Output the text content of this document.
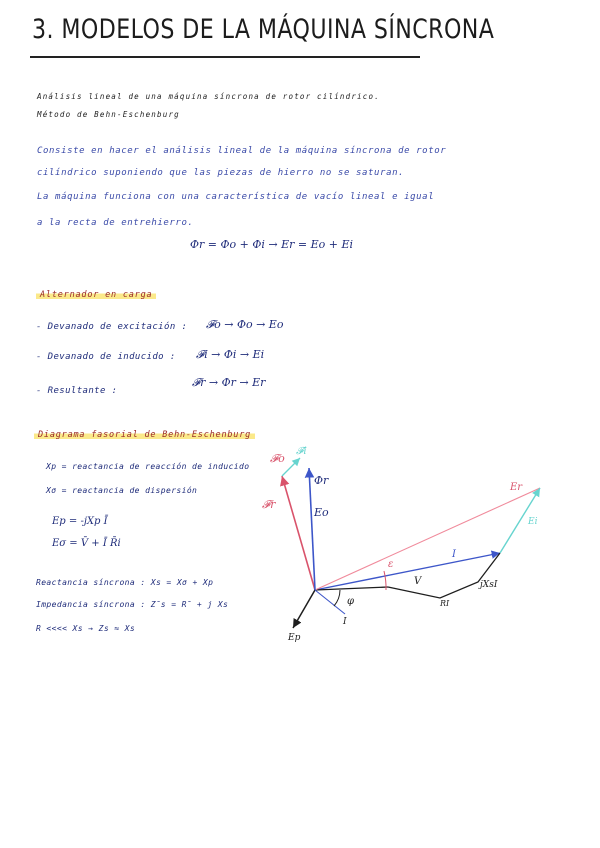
3. MODELOS DE LA MÁQUINA SÍNCRONA
Análisis lineal de una máquina síncrona de rotor cilíndrico.
Método de Behn-Eschenburg
Consiste en hacer el análisis lineal de la máquina síncrona de rotor
cilíndrico suponiendo que las piezas de hierro no se saturan.
La máquina funciona con una característica de vacío lineal e igual
a la recta de entrehierro.
Φr = Φo + Φi → Er = Eo + Ei
Alternador en carga
- Devanado de excitación : 𝓕o → Φo → Eo
- Devanado de inducido : 𝓕i → Φi → Ei
- Resultante :
𝓕r → Φr → Er
Diagrama fasorial de Behn-Eschenburg
Xp = reactancia de reacción de inducido
Xσ = reactancia de dispersión
Ep = -jXp Ī
Eσ = V̄ + Ī R̄i
Reactancia síncrona : Xs = Xσ + Xp
Impedancia síncrona : Z̄s = R̄ + j Xs
R <<<< Xs → Zs ≈ Xs
𝓕o
𝓕r
𝓕i
Φr
Eo
Er
ε
V
I
φ
I
RI
jXsI
Ep
Ei
